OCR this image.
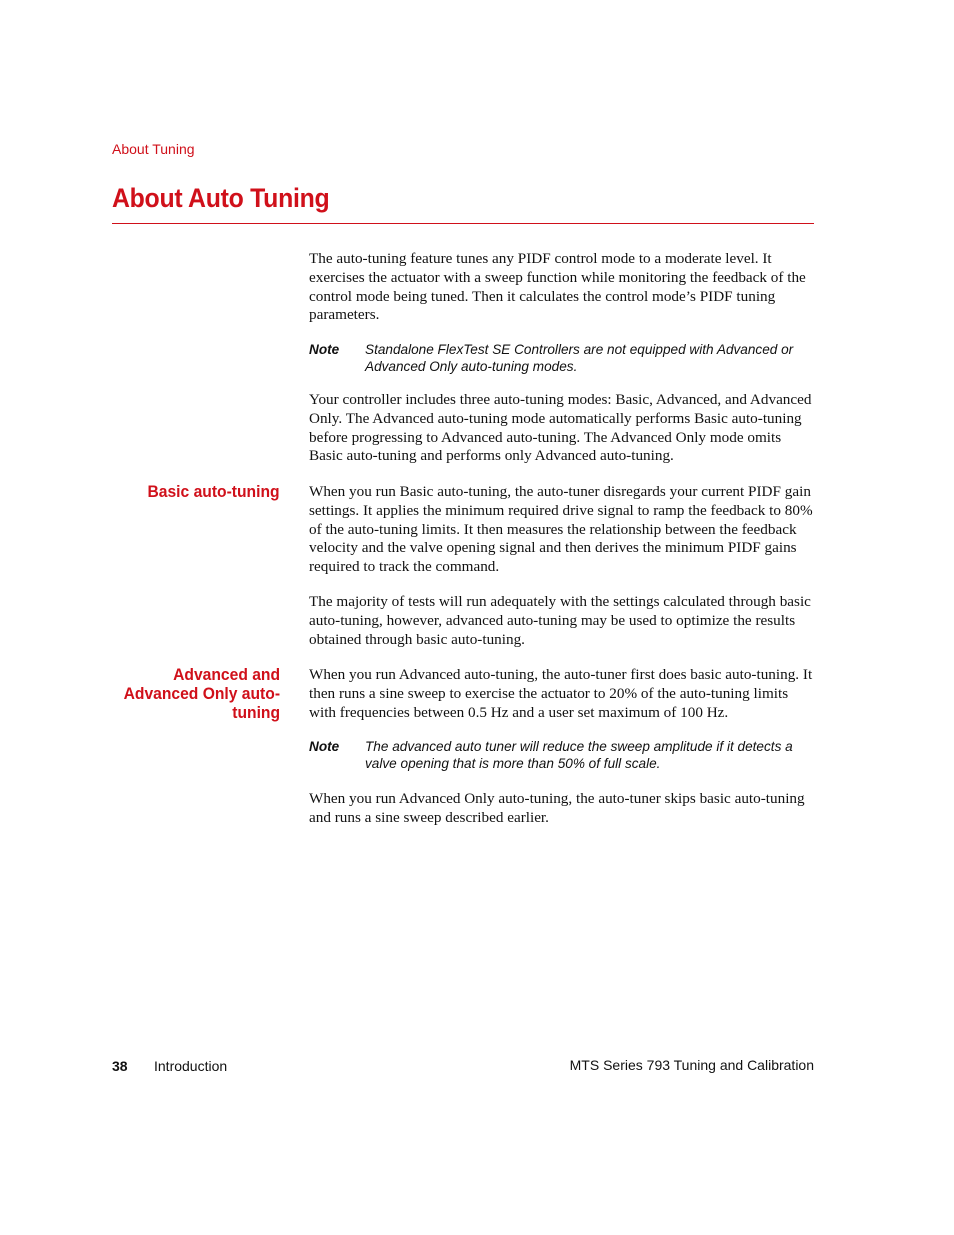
About Tuning
About Auto Tuning
The auto-tuning feature tunes any PIDF control mode to a moderate level. It exercises the actuator with a sweep function while monitoring the feedback of the control mode being tuned. Then it calculates the control mode’s PIDF tuning parameters.
Note Standalone FlexTest SE Controllers are not equipped with Advanced or Advanced Only auto-tuning modes.
Your controller includes three auto-tuning modes: Basic, Advanced, and Advanced Only. The Advanced auto-tuning mode automatically performs Basic auto-tuning before progressing to Advanced auto-tuning. The Advanced Only mode omits Basic auto-tuning and performs only Advanced auto-tuning.
Basic auto-tuning When you run Basic auto-tuning, the auto-tuner disregards your current PIDF gain settings. It applies the minimum required drive signal to ramp the feedback to 80% of the auto-tuning limits. It then measures the relationship between the feedback velocity and the valve opening signal and then derives the minimum PIDF gains required to track the command.
The majority of tests will run adequately with the settings calculated through basic auto-tuning, however, advanced auto-tuning may be used to optimize the results obtained through basic auto-tuning.
Advanced and
Advanced Only auto-
tuning
When you run Advanced auto-tuning, the auto-tuner first does basic auto-tuning. It then runs a sine sweep to exercise the actuator to 20% of the auto-tuning limits with frequencies between 0.5 Hz and a user set maximum of 100 Hz.
Note The advanced auto tuner will reduce the sweep amplitude if it detects a valve opening that is more than 50% of full scale.
When you run Advanced Only auto-tuning, the auto-tuner skips basic auto-tuning and runs a sine sweep described earlier.
38 Introduction	MTS Series 793 Tuning and Calibration
